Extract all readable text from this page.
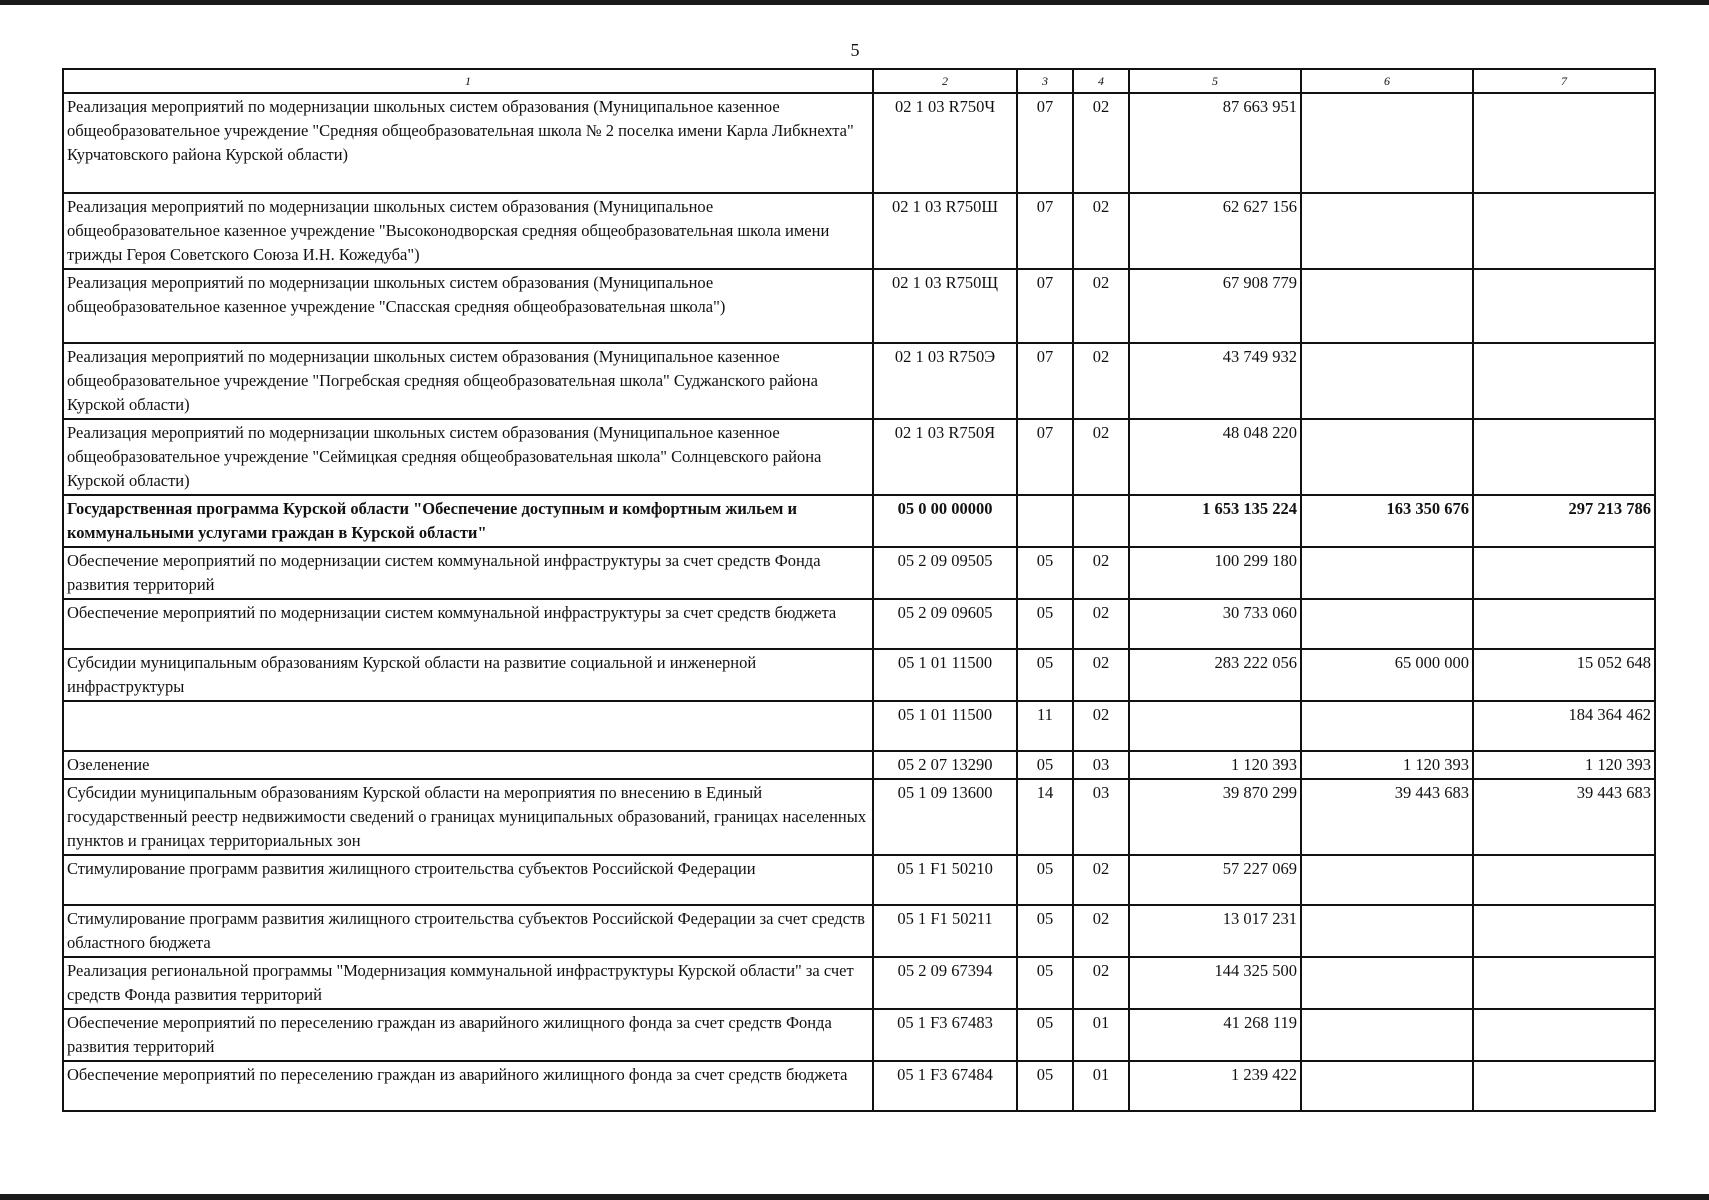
5
1	2	3	4	5	6	7
Реализация мероприятий по модернизации школьных систем образования (Муниципальное казенное общеобразовательное учреждение "Средняя общеобразовательная школа № 2 поселка имени Карла Либкнехта" Курчатовского района Курской области)	02 1 03 R750Ч	07	02	87 663 951		
Реализация мероприятий по модернизации школьных систем образования (Муниципальное общеобразовательное казенное учреждение "Высоконодворская средняя общеобразовательная школа имени трижды Героя Советского Союза И.Н. Кожедуба")	02 1 03 R750Ш	07	02	62 627 156		
Реализация мероприятий по модернизации школьных систем образования (Муниципальное общеобразовательное казенное учреждение "Спасская средняя общеобразовательная школа")	02 1 03 R750Щ	07	02	67 908 779		
Реализация мероприятий по модернизации школьных систем образования (Муниципальное казенное общеобразовательное учреждение "Погребская средняя общеобразовательная школа" Суджанского района Курской области)	02 1 03 R750Э	07	02	43 749 932		
Реализация мероприятий по модернизации школьных систем образования (Муниципальное казенное общеобразовательное учреждение "Сеймицкая средняя общеобразовательная школа" Солнцевского района Курской области)	02 1 03 R750Я	07	02	48 048 220		
Государственная программа Курской области "Обеспечение доступным и комфортным жильем и коммунальными услугами граждан в Курской области"	05 0 00 00000			1 653 135 224	163 350 676	297 213 786
Обеспечение мероприятий по модернизации систем коммунальной инфраструктуры за счет средств Фонда развития территорий	05 2 09 09505	05	02	100 299 180		
Обеспечение мероприятий по модернизации систем коммунальной инфраструктуры за счет средств бюджета	05 2 09 09605	05	02	30 733 060		
Субсидии муниципальным образованиям Курской области на развитие социальной и инженерной инфраструктуры	05 1 01 11500	05	02	283 222 056	65 000 000	15 052 648
	05 1 01 11500	11	02			184 364 462
Озеленение	05 2 07 13290	05	03	1 120 393	1 120 393	1 120 393
Субсидии муниципальным образованиям Курской области на мероприятия по внесению в Единый государственный реестр недвижимости сведений о границах муниципальных образований, границах населенных пунктов и границах территориальных зон	05 1 09 13600	14	03	39 870 299	39 443 683	39 443 683
Стимулирование программ развития жилищного строительства субъектов Российской Федерации	05 1 F1 50210	05	02	57 227 069		
Стимулирование программ развития жилищного строительства субъектов Российской Федерации за счет средств областного бюджета	05 1 F1 50211	05	02	13 017 231		
Реализация региональной программы "Модернизация коммунальной инфраструктуры Курской области" за счет средств Фонда развития территорий	05 2 09 67394	05	02	144 325 500		
Обеспечение мероприятий по переселению граждан из аварийного жилищного фонда за счет средств Фонда развития территорий	05 1 F3 67483	05	01	41 268 119		
Обеспечение мероприятий по переселению граждан из аварийного жилищного фонда за счет средств бюджета	05 1 F3 67484	05	01	1 239 422		
